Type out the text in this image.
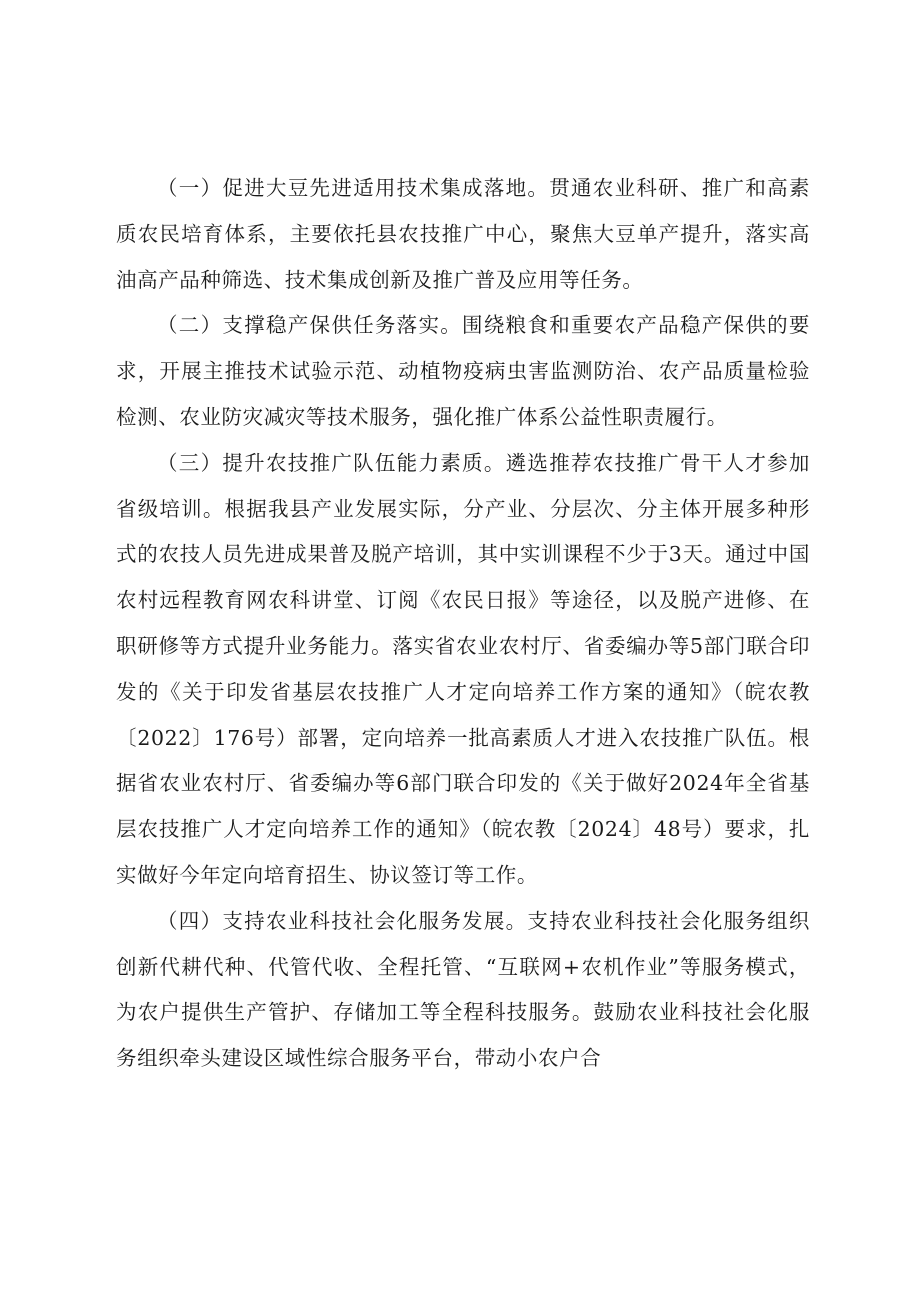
（一）促进大豆先进适用技术集成落地。贯通农业科研、推广和高素质农民培育体系，主要依托县农技推广中心，聚焦大豆单产提升，落实高油高产品种筛选、技术集成创新及推广普及应用等任务。

（二）支撑稳产保供任务落实。围绕粮食和重要农产品稳产保供的要求，开展主推技术试验示范、动植物疫病虫害监测防治、农产品质量检验检测、农业防灾减灾等技术服务，强化推广体系公益性职责履行。

（三）提升农技推广队伍能力素质。遴选推荐农技推广骨干人才参加省级培训。根据我县产业发展实际，分产业、分层次、分主体开展多种形式的农技人员先进成果普及脱产培训，其中实训课程不少于3天。通过中国农村远程教育网农科讲堂、订阅《农民日报》等途径，以及脱产进修、在职研修等方式提升业务能力。落实省农业农村厅、省委编办等5部门联合印发的《关于印发省基层农技推广人才定向培养工作方案的通知》（皖农教〔2022〕176号）部署，定向培养一批高素质人才进入农技推广队伍。根据省农业农村厅、省委编办等6部门联合印发的《关于做好2024年全省基层农技推广人才定向培养工作的通知》（皖农教〔2024〕48号）要求，扎实做好今年定向培育招生、协议签订等工作。

（四）支持农业科技社会化服务发展。支持农业科技社会化服务组织创新代耕代种、代管代收、全程托管、“互联网+农机作业”等服务模式，为农户提供生产管护、存储加工等全程科技服务。鼓励农业科技社会化服务组织牵头建设区域性综合服务平台，带动小农户合
